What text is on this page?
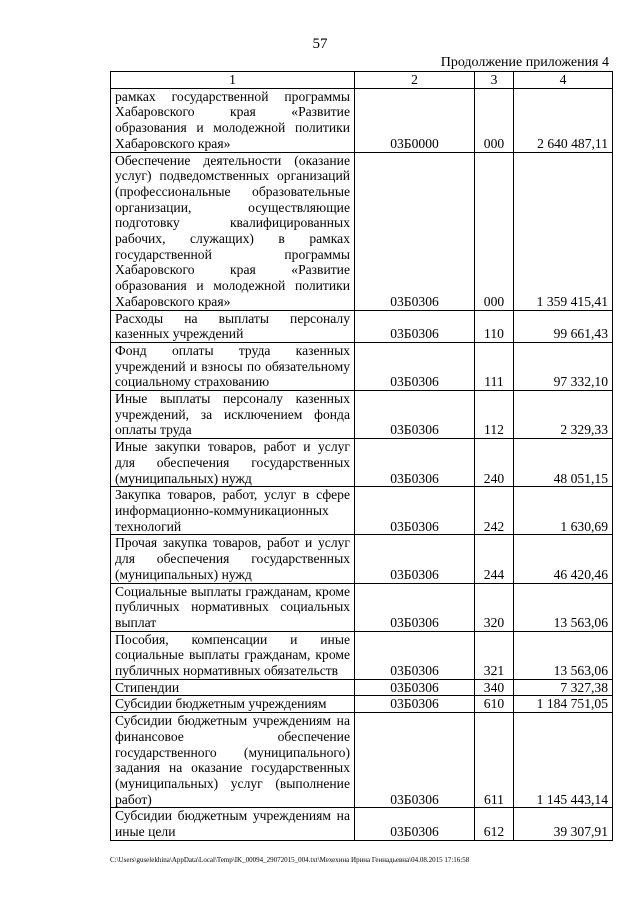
57
Продолжение приложения 4
1	2	3	4
рамках государственной программы Хабаровского края «Развитие образования и молодежной политики Хабаровского края»	03Б0000	000	2 640 487,11
Обеспечение деятельности (оказание услуг) подведомственных организаций (профессиональные образовательные организации, осуществляющие подготовку квалифицированных рабочих, служащих) в рамках государственной программы Хабаровского края «Развитие образования и молодежной политики Хабаровского края»	03Б0306	000	1 359 415,41
Расходы на выплаты персоналу казенных учреждений	03Б0306	110	99 661,43
Фонд оплаты труда казенных учреждений и взносы по обязательному социальному страхованию	03Б0306	111	97 332,10
Иные выплаты персоналу казенных учреждений, за исключением фонда оплаты труда	03Б0306	112	2 329,33
Иные закупки товаров, работ и услуг для обеспечения государственных (муниципальных) нужд	03Б0306	240	48 051,15
Закупка товаров, работ, услуг в сфере информационно-коммуникационных технологий	03Б0306	242	1 630,69
Прочая закупка товаров, работ и услуг для обеспечения государственных (муниципальных) нужд	03Б0306	244	46 420,46
Социальные выплаты гражданам, кроме публичных нормативных социальных выплат	03Б0306	320	13 563,06
Пособия, компенсации и иные социальные выплаты гражданам, кроме публичных нормативных обязательств	03Б0306	321	13 563,06
Стипендии	03Б0306	340	7 327,38
Субсидии бюджетным учреждениям	03Б0306	610	1 184 751,05
Субсидии бюджетным учреждениям на финансовое обеспечение государственного (муниципального) задания на оказание государственных (муниципальных) услуг (выполнение работ)	03Б0306	611	1 145 443,14
Субсидии бюджетным учреждениям на иные цели	03Б0306	612	39 307,91
C:\Users\guselekhina\AppData\Local\Temp\IK_00094_29072015_004.txt\Мехехина Ирина Геннадьевна\04.08.2015 17:16:58
